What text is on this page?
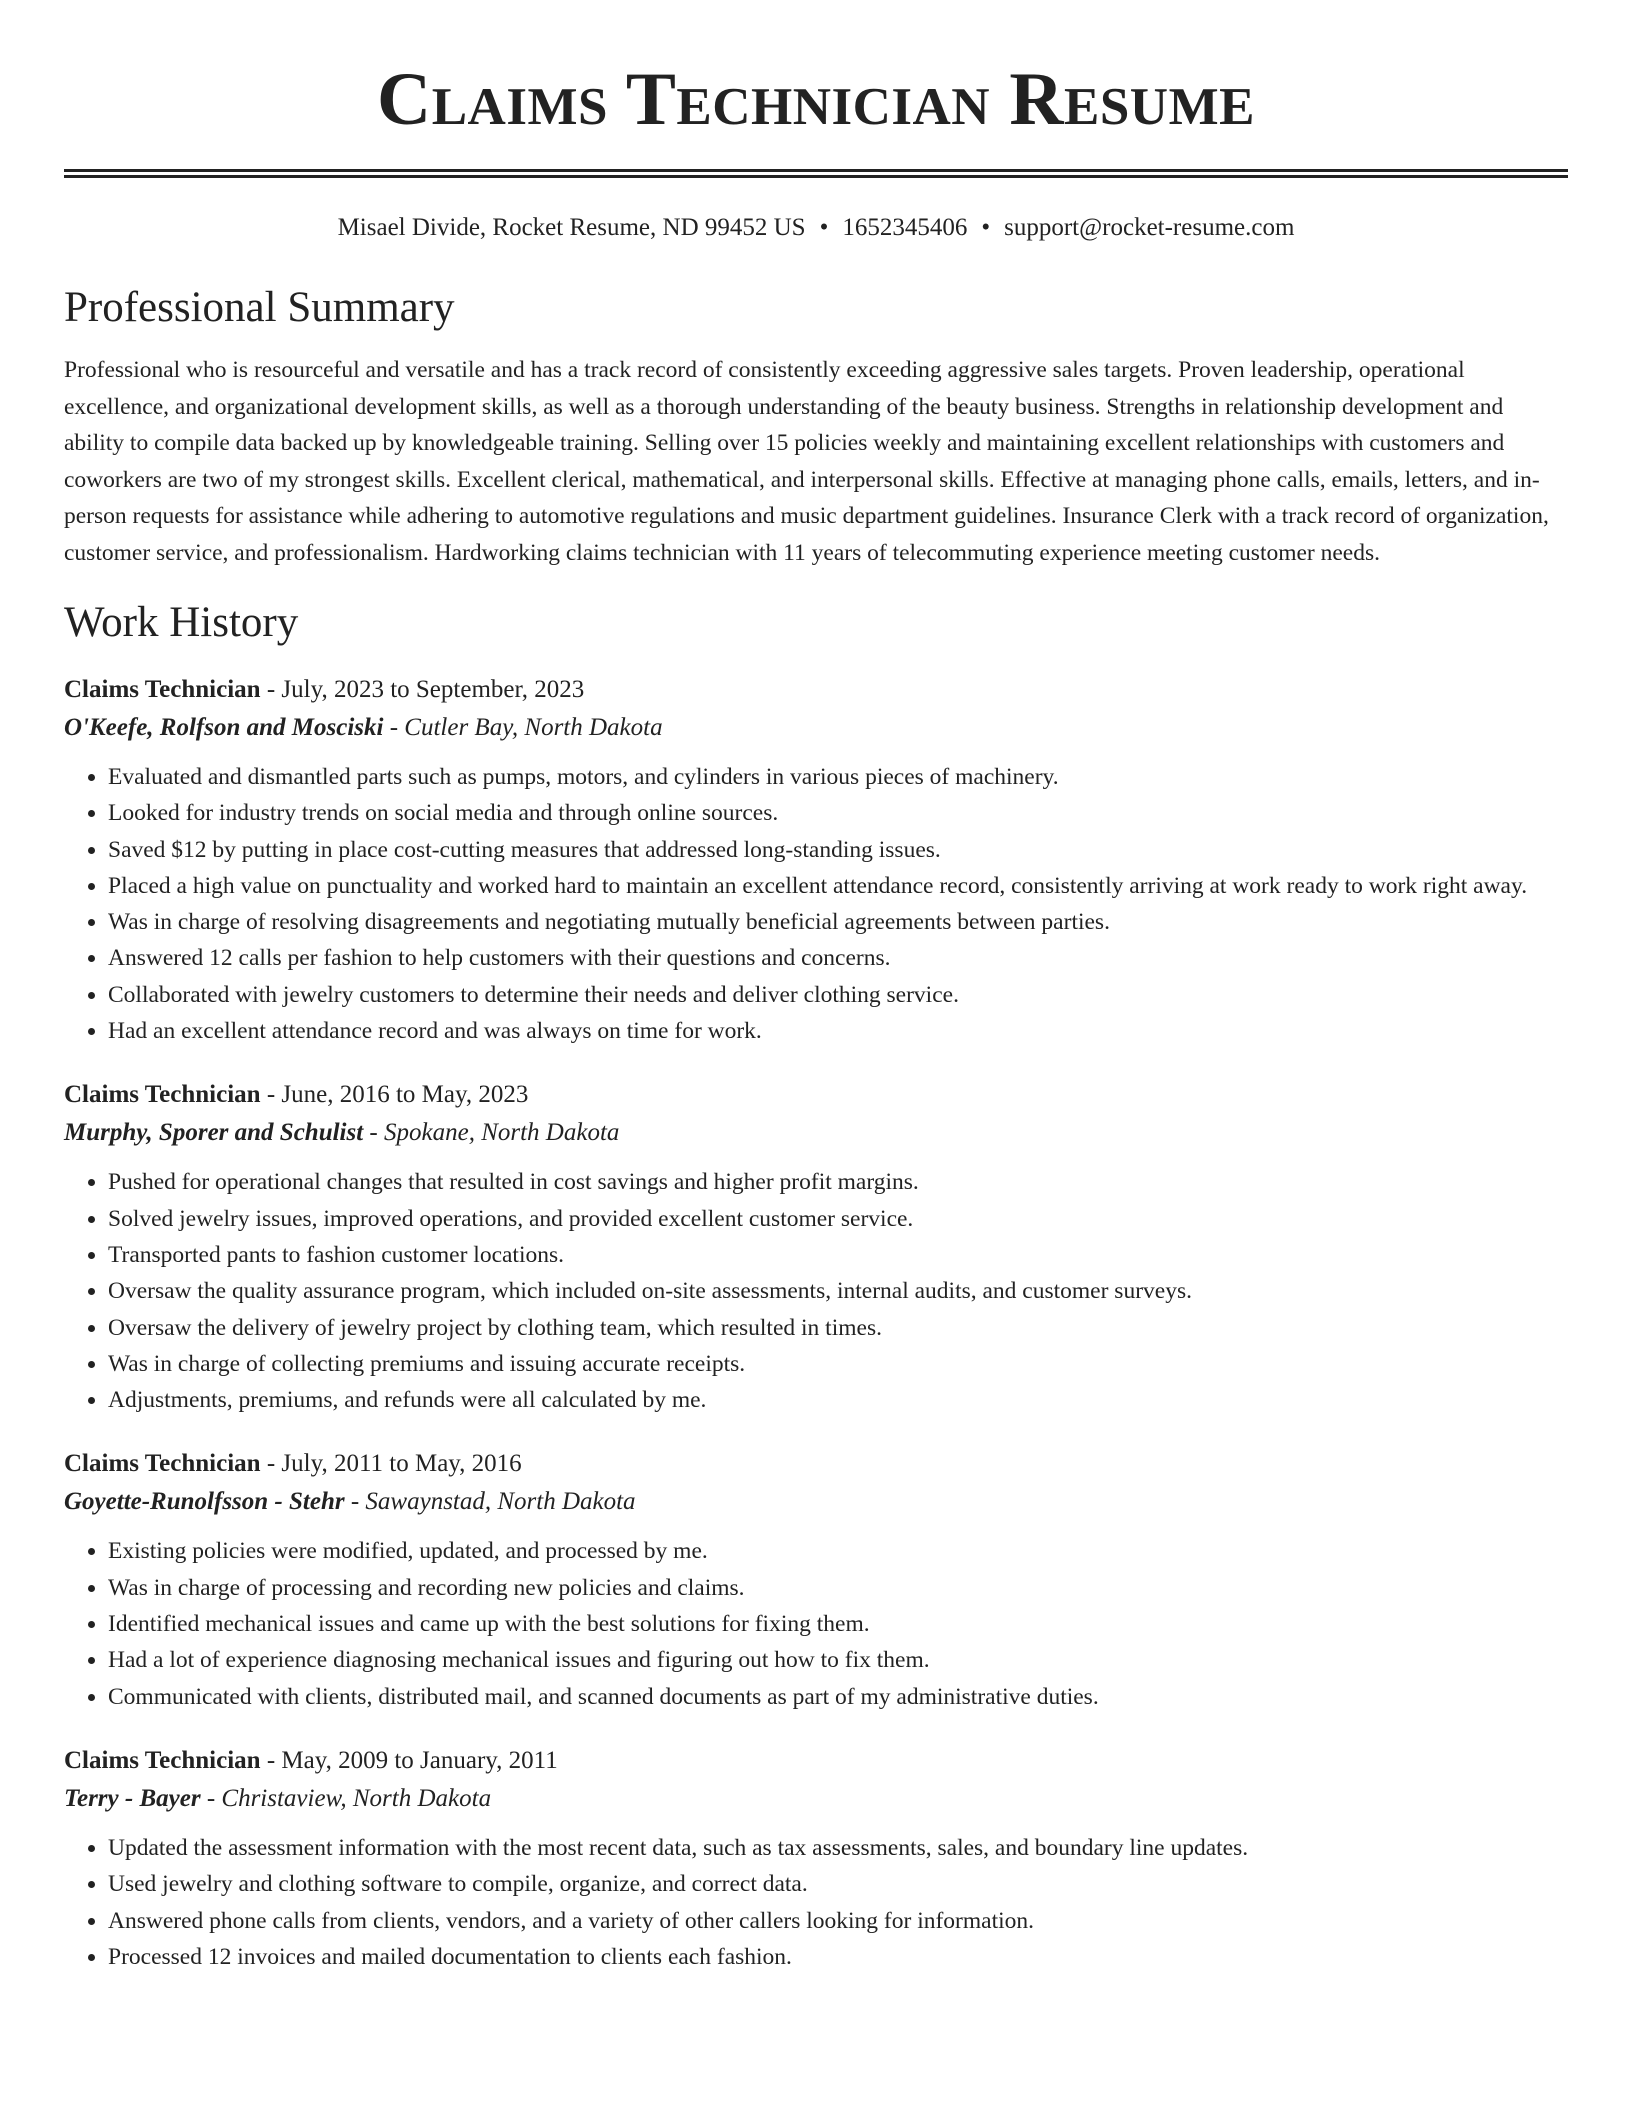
Claims Technician Resume
Misael Divide, Rocket Resume, ND 99452 US • 1652345406 • support@rocket-resume.com
Professional Summary

Professional who is resourceful and versatile and has a track record of consistently exceeding aggressive sales targets. Proven leadership, operational excellence, and organizational development skills, as well as a thorough understanding of the beauty business. Strengths in relationship development and ability to compile data backed up by knowledgeable training. Selling over 15 policies weekly and maintaining excellent relationships with customers and coworkers are two of my strongest skills. Excellent clerical, mathematical, and interpersonal skills. Effective at managing phone calls, emails, letters, and in-person requests for assistance while adhering to automotive regulations and music department guidelines. Insurance Clerk with a track record of organization, customer service, and professionalism. Hardworking claims technician with 11 years of telecommuting experience meeting customer needs.

Work History
Claims Technician - July, 2023 to September, 2023
O'Keefe, Rolfson and Mosciski - Cutler Bay, North Dakota
• Evaluated and dismantled parts such as pumps, motors, and cylinders in various pieces of machinery.
• Looked for industry trends on social media and through online sources.
• Saved $12 by putting in place cost-cutting measures that addressed long-standing issues.
• Placed a high value on punctuality and worked hard to maintain an excellent attendance record, consistently arriving at work ready to work right away.
• Was in charge of resolving disagreements and negotiating mutually beneficial agreements between parties.
• Answered 12 calls per fashion to help customers with their questions and concerns.
• Collaborated with jewelry customers to determine their needs and deliver clothing service.
• Had an excellent attendance record and was always on time for work.
Claims Technician - June, 2016 to May, 2023
Murphy, Sporer and Schulist - Spokane, North Dakota
• Pushed for operational changes that resulted in cost savings and higher profit margins.
• Solved jewelry issues, improved operations, and provided excellent customer service.
• Transported pants to fashion customer locations.
• Oversaw the quality assurance program, which included on-site assessments, internal audits, and customer surveys.
• Oversaw the delivery of jewelry project by clothing team, which resulted in times.
• Was in charge of collecting premiums and issuing accurate receipts.
• Adjustments, premiums, and refunds were all calculated by me.
Claims Technician - July, 2011 to May, 2016
Goyette-Runolfsson - Stehr - Sawaynstad, North Dakota
• Existing policies were modified, updated, and processed by me.
• Was in charge of processing and recording new policies and claims.
• Identified mechanical issues and came up with the best solutions for fixing them.
• Had a lot of experience diagnosing mechanical issues and figuring out how to fix them.
• Communicated with clients, distributed mail, and scanned documents as part of my administrative duties.
Claims Technician - May, 2009 to January, 2011
Terry - Bayer - Christaview, North Dakota
• Updated the assessment information with the most recent data, such as tax assessments, sales, and boundary line updates.
• Used jewelry and clothing software to compile, organize, and correct data.
• Answered phone calls from clients, vendors, and a variety of other callers looking for information.
• Processed 12 invoices and mailed documentation to clients each fashion.
